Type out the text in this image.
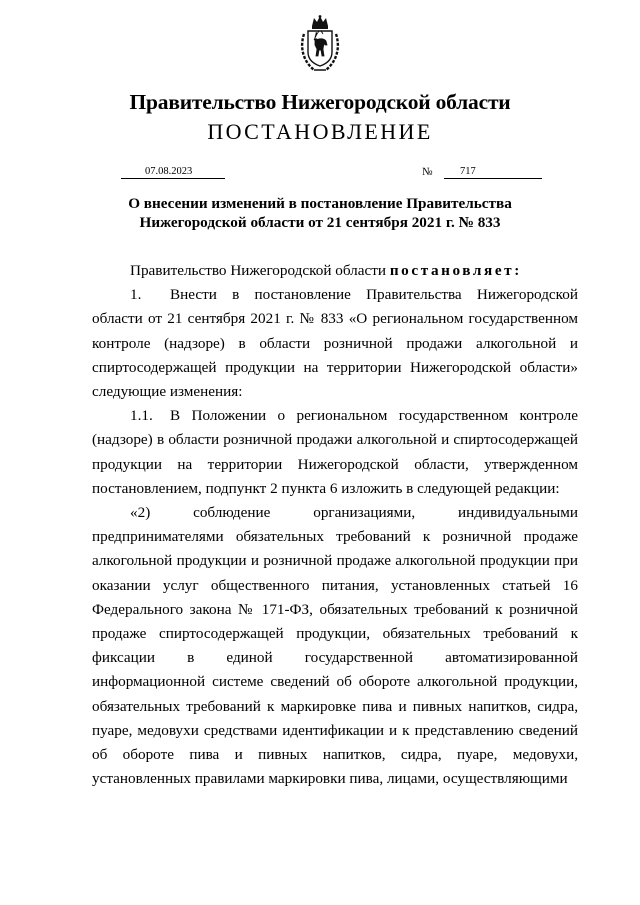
Правительство Нижегородской области
ПОСТАНОВЛЕНИЕ
07.08.2023	№	717
О внесении изменений в постановление Правительства
Нижегородской области от 21 сентября 2021 г. № 833

Правительство Нижегородской области постановляет:

1. Внести в постановление Правительства Нижегородской области от 21 сентября 2021 г. № 833 «О региональном государственном контроле (надзоре) в области розничной продажи алкогольной и спиртосодержащей продукции на территории Нижегородской области» следующие изменения:

1.1. В Положении о региональном государственном контроле (надзоре) в области розничной продажи алкогольной и спиртосодержащей продукции на территории Нижегородской области, утвержденном постановлением, подпункт 2 пункта 6 изложить в следующей редакции:

«2) соблюдение организациями, индивидуальными предпринимателями обязательных требований к розничной продаже алкогольной продукции и розничной продаже алкогольной продукции при оказании услуг общественного питания, установленных статьей 16 Федерального закона № 171-ФЗ, обязательных требований к розничной продаже спиртосодержащей продукции, обязательных требований к фиксации в единой государственной автоматизированной информационной системе сведений об обороте алкогольной продукции, обязательных требований к маркировке пива и пивных напитков, сидра, пуаре, медовухи средствами идентификации и к представлению сведений об обороте пива и пивных напитков, сидра, пуаре, медовухи, установленных правилами маркировки пива, лицами, осуществляющими
